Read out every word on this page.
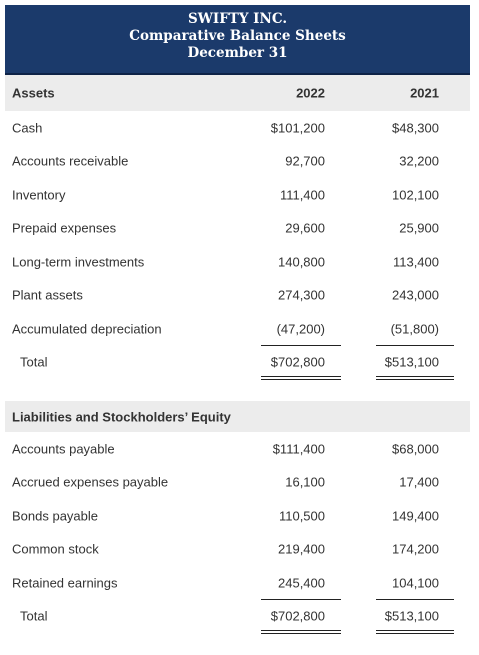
SWIFTY INC.
Comparative Balance Sheets
December 31
Assets	2022	2021
Cash	$101,200	$48,300
Accounts receivable	92,700	32,200
Inventory	111,400	102,100
Prepaid expenses	29,600	25,900
Long-term investments	140,800	113,400
Plant assets	274,300	243,000
Accumulated depreciation	(47,200)	(51,800)
Total	$702,800	$513,100
Liabilities and Stockholders’ Equity
Accounts payable	$111,400	$68,000
Accrued expenses payable	16,100	17,400
Bonds payable	110,500	149,400
Common stock	219,400	174,200
Retained earnings	245,400	104,100
Total	$702,800	$513,100
